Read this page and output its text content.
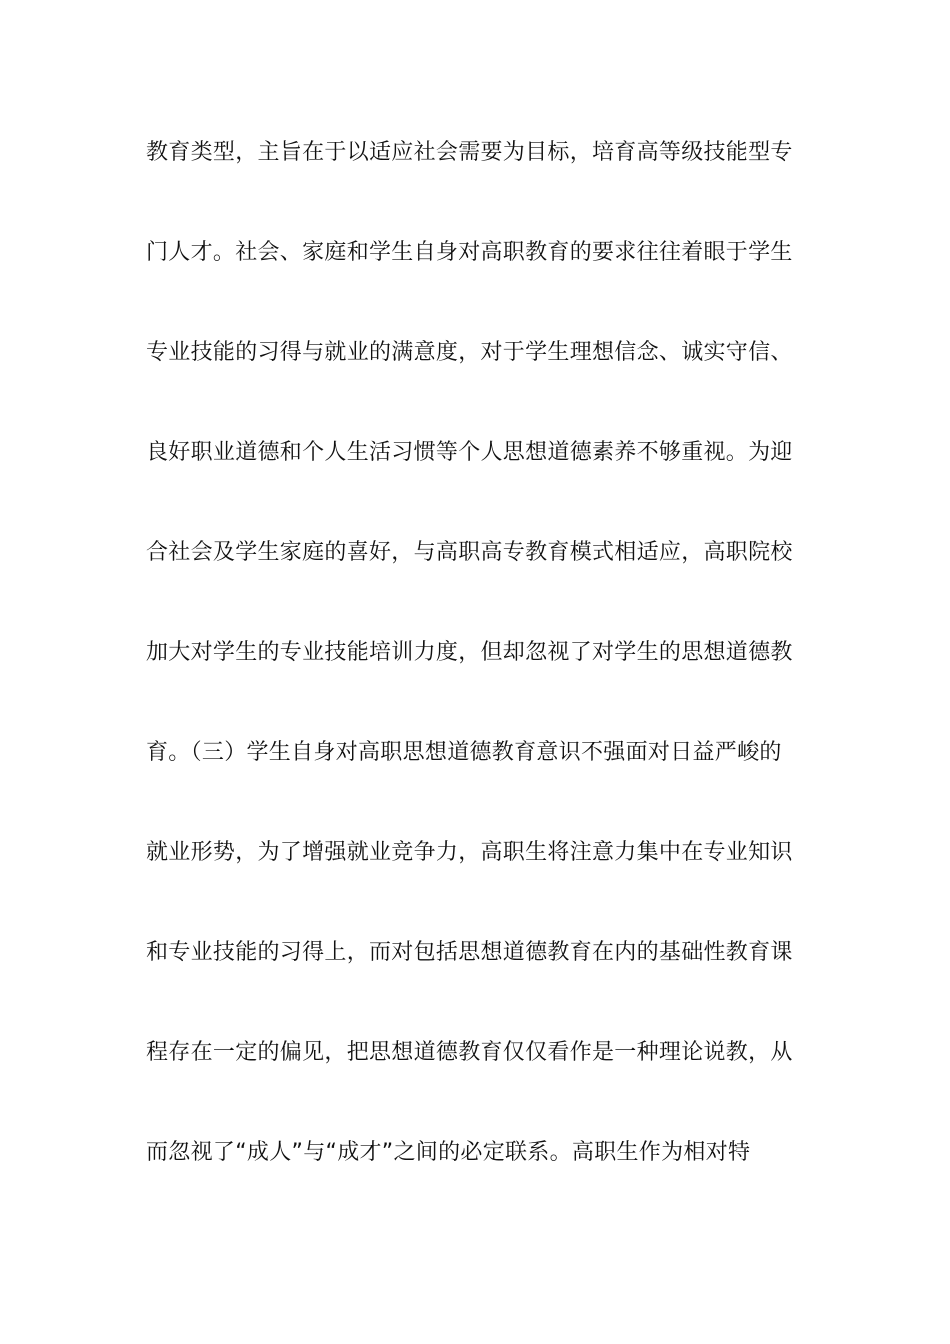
教育类型，主旨在于以适应社会需要为目标，培育高等级技能型专
门人才。社会、家庭和学生自身对高职教育的要求往往着眼于学生
专业技能的习得与就业的满意度，对于学生理想信念、诚实守信、
良好职业道德和个人生活习惯等个人思想道德素养不够重视。为迎
合社会及学生家庭的喜好，与高职高专教育模式相适应，高职院校
加大对学生的专业技能培训力度，但却忽视了对学生的思想道德教
育。（三）学生自身对高职思想道德教育意识不强面对日益严峻的
就业形势，为了增强就业竞争力，高职生将注意力集中在专业知识
和专业技能的习得上，而对包括思想道德教育在内的基础性教育课
程存在一定的偏见，把思想道德教育仅仅看作是一种理论说教，从
而忽视了“成人”与“成才”之间的必定联系。高职生作为相对特
